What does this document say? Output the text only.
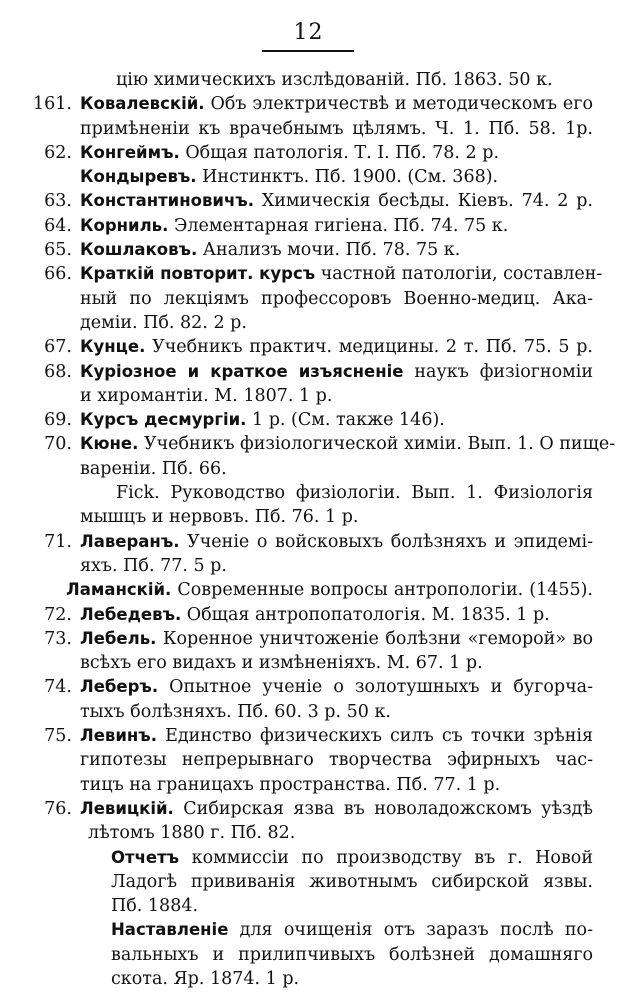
12
цію химическихъ изслѣдованій. Пб. 1863. 50 к.
161. Ковалевскій. Объ электричествѣ и методическомъ его
примѣненіи къ врачебнымъ цѣлямъ. Ч. 1. Пб. 58. 1р.
62. Конгеймъ. Общая патологія. Т. I. Пб. 78. 2 р.
Кондыревъ. Инстинктъ. Пб. 1900. (См. 368).
63. Константиновичъ. Химическія бесѣды. Кіевъ. 74. 2 р.
64. Корниль. Элементарная гигіена. Пб. 74. 75 к.
65. Кошлаковъ. Анализъ мочи. Пб. 78. 75 к.
66. Краткій повторит. курсъ частной патологіи, составлен-
ный по лекціямъ профессоровъ Военно-медиц. Ака-
деміи. Пб. 82. 2 р.
67. Кунце. Учебникъ практич. медицины. 2 т. Пб. 75. 5 р.
68. Куріозное и краткое изъясненіе наукъ физіогноміи
и хиромантіи. М. 1807. 1 р.
69. Курсъ десмургіи. 1 р. (См. также 146).
70. Кюне. Учебникъ физіологической химіи. Вып. 1. О пище-
вареніи. Пб. 66.
Fick. Руководство физіологіи. Вып. 1. Физіологія
мышцъ и нервовъ. Пб. 76. 1 р.
71. Лаверанъ. Ученіе о войсковыхъ болѣзняхъ и эпидемі-
яхъ. Пб. 77. 5 р.
Ламанскій. Современные вопросы антропологіи. (1455).
72. Лебедевъ. Общая антропопатологія. М. 1835. 1 р.
73. Лебель. Коренное уничтоженіе болѣзни «геморой» во
всѣхъ его видахъ и измѣненіяхъ. М. 67. 1 р.
74. Леберъ. Опытное ученіе о золотушныхъ и бугорча-
тыхъ болѣзняхъ. Пб. 60. 3 р. 50 к.
75. Левинъ. Единство физическихъ силъ съ точки зрѣнія
гипотезы непрерывнаго творчества эфирныхъ час-
тицъ на границахъ пространства. Пб. 77. 1 р.
76. Левицкій. Сибирская язва въ новоладожскомъ уѣздѣ
лѣтомъ 1880 г. Пб. 82.
Отчетъ коммиссіи по производству въ г. Новой
Ладогѣ прививанія животнымъ сибирской язвы.
Пб. 1884.
Наставленіе для очищенія отъ заразъ послѣ по-
вальныхъ и прилипчивыхъ болѣзней домашняго
скота. Яр. 1874. 1 р.
